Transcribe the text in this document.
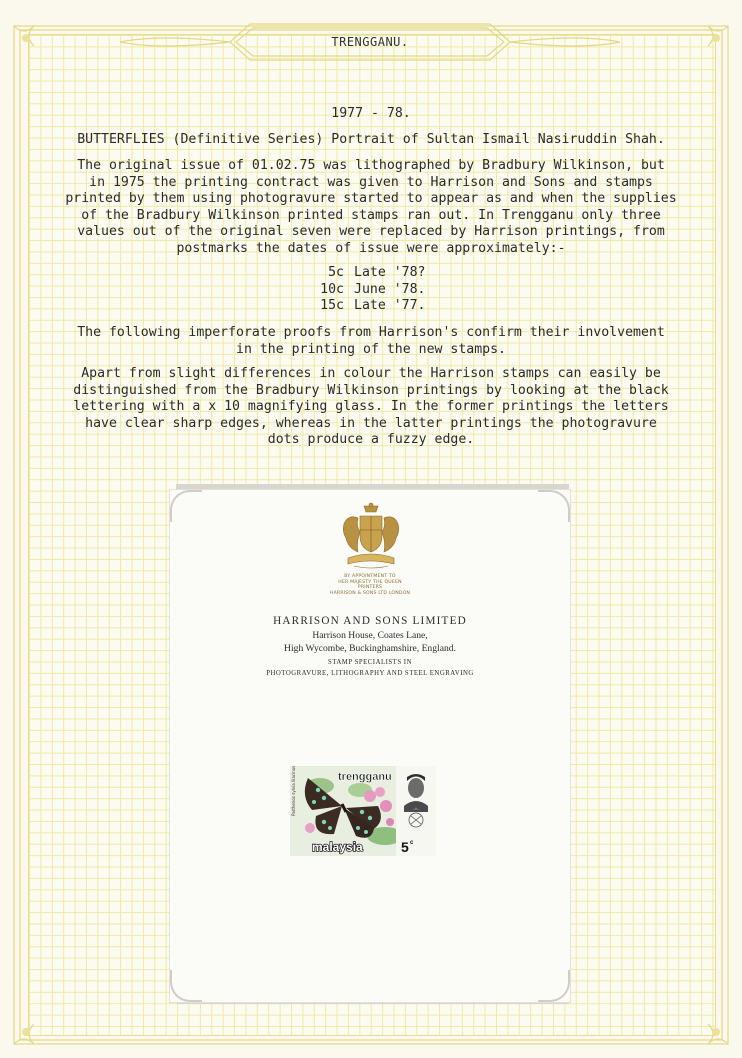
TRENGGANU.
1977 - 78.
BUTTERFLIES (Definitive Series) Portrait of Sultan Ismail Nasiruddin Shah.
The original issue of 01.02.75 was lithographed by Bradbury Wilkinson, but
in 1975 the printing contract was given to Harrison and Sons and stamps
printed by them using photogravure started to appear as and when the supplies
of the Bradbury Wilkinson printed stamps ran out. In Trengganu only three
values out of the original seven were replaced by Harrison printings, from
postmarks the dates of issue were approximately:-
5c Late '78?
10c June '78.
15c Late '77.
The following imperforate proofs from Harrison's confirm their involvement
in the printing of the new stamps.
Apart from slight differences in colour the Harrison stamps can easily be
distinguished from the Bradbury Wilkinson printings by looking at the black
lettering with a x 10 magnifying glass. In the former printings the letters
have clear sharp edges, whereas in the latter printings the photogravure
dots produce a fuzzy edge.
BY APPOINTMENT TO
HER MAJESTY THE QUEEN
PRINTERS
HARRISON & SONS LTD LONDON
HARRISON AND SONS LIMITED
Harrison House, Coates Lane,
High Wycombe, Buckinghamshire, England.
STAMP SPECIALISTS IN
PHOTOGRAVURE, LITHOGRAPHY AND STEEL ENGRAVING
Parthenos sylvia lilacinus
5 c
trengganu
malaysia
